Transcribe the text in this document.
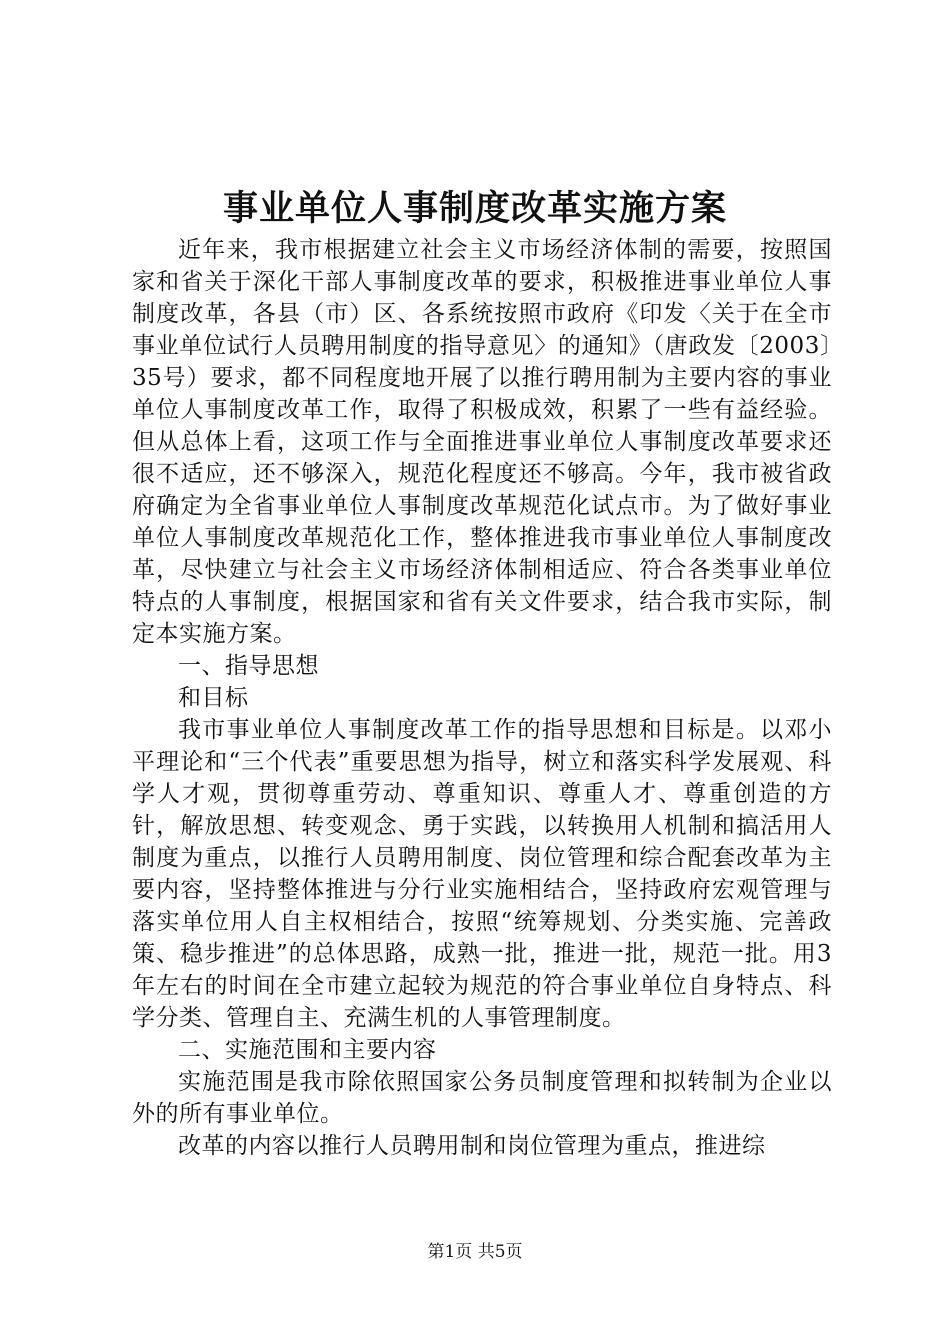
事业单位人事制度改革实施方案

近年来，我市根据建立社会主义市场经济体制的需要，按照国家和省关于深化干部人事制度改革的要求，积极推进事业单位人事制度改革，各县（市）区、各系统按照市政府《印发〈关于在全市事业单位试行人员聘用制度的指导意见〉的通知》（唐政发〔2003〕35号）要求，都不同程度地开展了以推行聘用制为主要内容的事业单位人事制度改革工作，取得了积极成效，积累了一些有益经验。但从总体上看，这项工作与全面推进事业单位人事制度改革要求还很不适应，还不够深入，规范化程度还不够高。今年，我市被省政府确定为全省事业单位人事制度改革规范化试点市。为了做好事业单位人事制度改革规范化工作，整体推进我市事业单位人事制度改革，尽快建立与社会主义市场经济体制相适应、符合各类事业单位特点的人事制度，根据国家和省有关文件要求，结合我市实际，制定本实施方案。

一、指导思想

和目标

我市事业单位人事制度改革工作的指导思想和目标是。以邓小平理论和“三个代表”重要思想为指导，树立和落实科学发展观、科学人才观，贯彻尊重劳动、尊重知识、尊重人才、尊重创造的方针，解放思想、转变观念、勇于实践，以转换用人机制和搞活用人制度为重点，以推行人员聘用制度、岗位管理和综合配套改革为主要内容，坚持整体推进与分行业实施相结合，坚持政府宏观管理与落实单位用人自主权相结合，按照“统筹规划、分类实施、完善政策、稳步推进”的总体思路，成熟一批，推进一批，规范一批。用3年左右的时间在全市建立起较为规范的符合事业单位自身特点、科学分类、管理自主、充满生机的人事管理制度。

二、实施范围和主要内容

实施范围是我市除依照国家公务员制度管理和拟转制为企业以外的所有事业单位。

改革的内容以推行人员聘用制和岗位管理为重点，推进综

第1页 共5页
